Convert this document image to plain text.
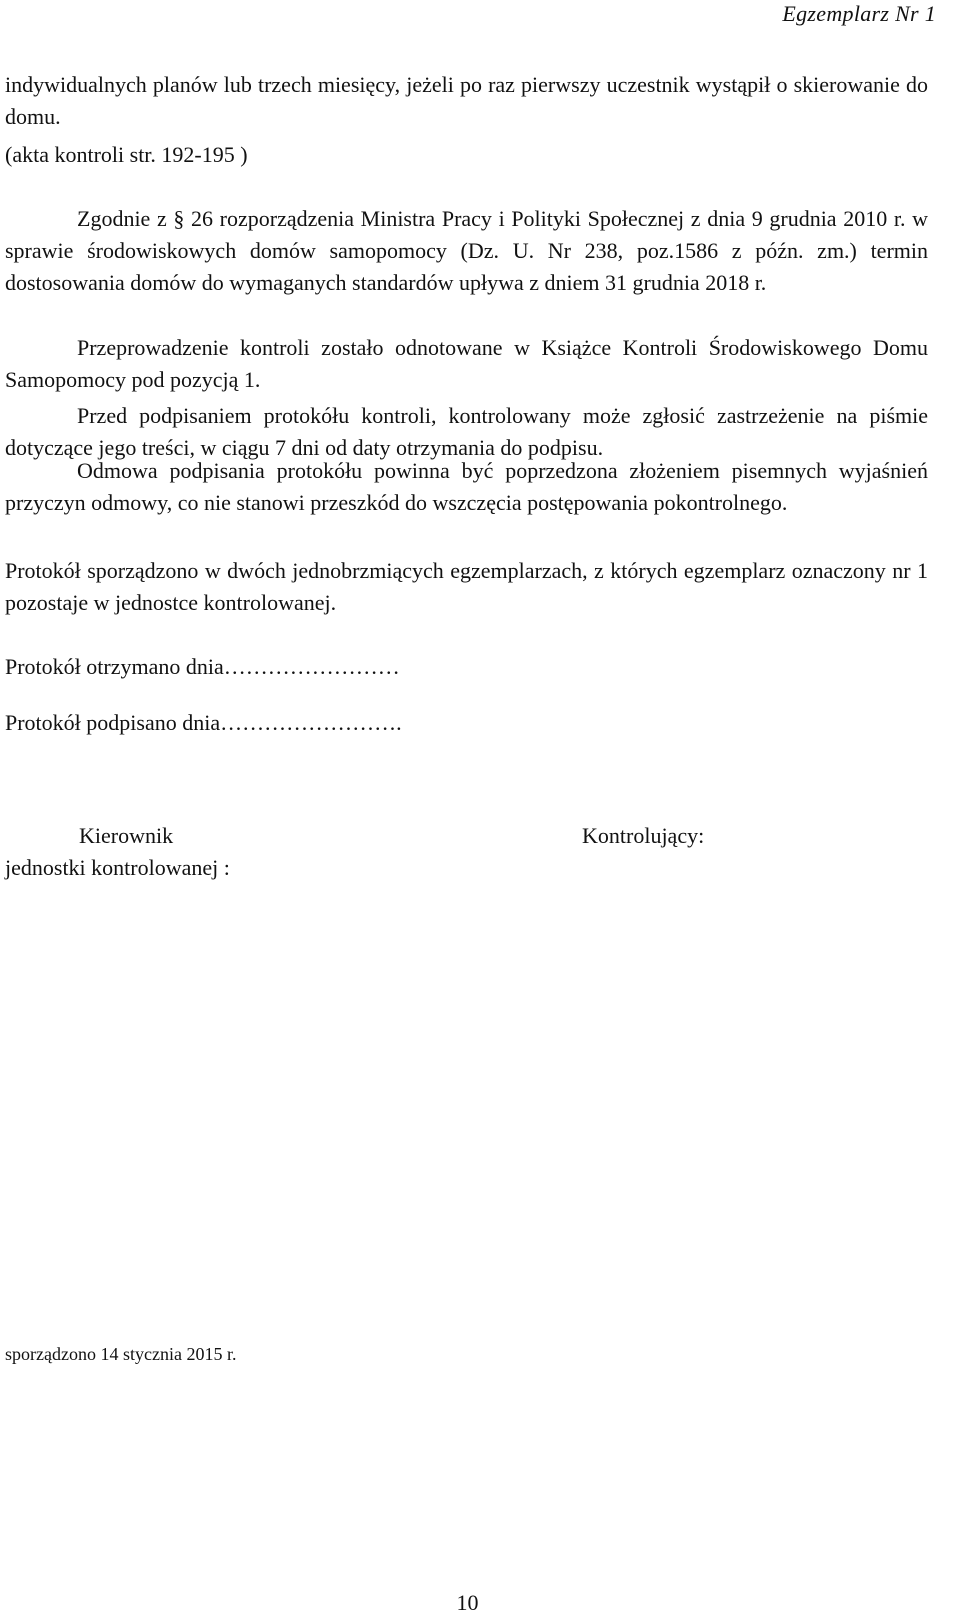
Egzemplarz Nr 1

indywidualnych planów lub trzech miesięcy, jeżeli po raz pierwszy uczestnik wystąpił o skierowanie do domu.

(akta kontroli str. 192-195 )

Zgodnie z § 26 rozporządzenia Ministra Pracy i Polityki Społecznej z dnia 9 grudnia 2010 r. w sprawie środowiskowych domów samopomocy (Dz. U. Nr 238, poz.1586 z późn. zm.) termin dostosowania domów do wymaganych standardów upływa z dniem 31 grudnia 2018 r.

Przeprowadzenie kontroli zostało odnotowane w Książce Kontroli Środowiskowego Domu Samopomocy pod pozycją 1.

Przed podpisaniem protokółu kontroli, kontrolowany może zgłosić zastrzeżenie na piśmie dotyczące jego treści, w ciągu 7 dni od daty otrzymania do podpisu.

Odmowa podpisania protokółu powinna być poprzedzona złożeniem pisemnych wyjaśnień przyczyn odmowy, co nie stanowi przeszkód do wszczęcia postępowania pokontrolnego.

Protokół sporządzono w dwóch jednobrzmiących egzemplarzach, z których egzemplarz oznaczony nr 1 pozostaje w jednostce kontrolowanej.

Protokół otrzymano dnia……………………

Protokół podpisano dnia…………………….

Kierownik
jednostki kontrolowanej :
Kontrolujący:
sporządzono 14 stycznia 2015 r.
10
